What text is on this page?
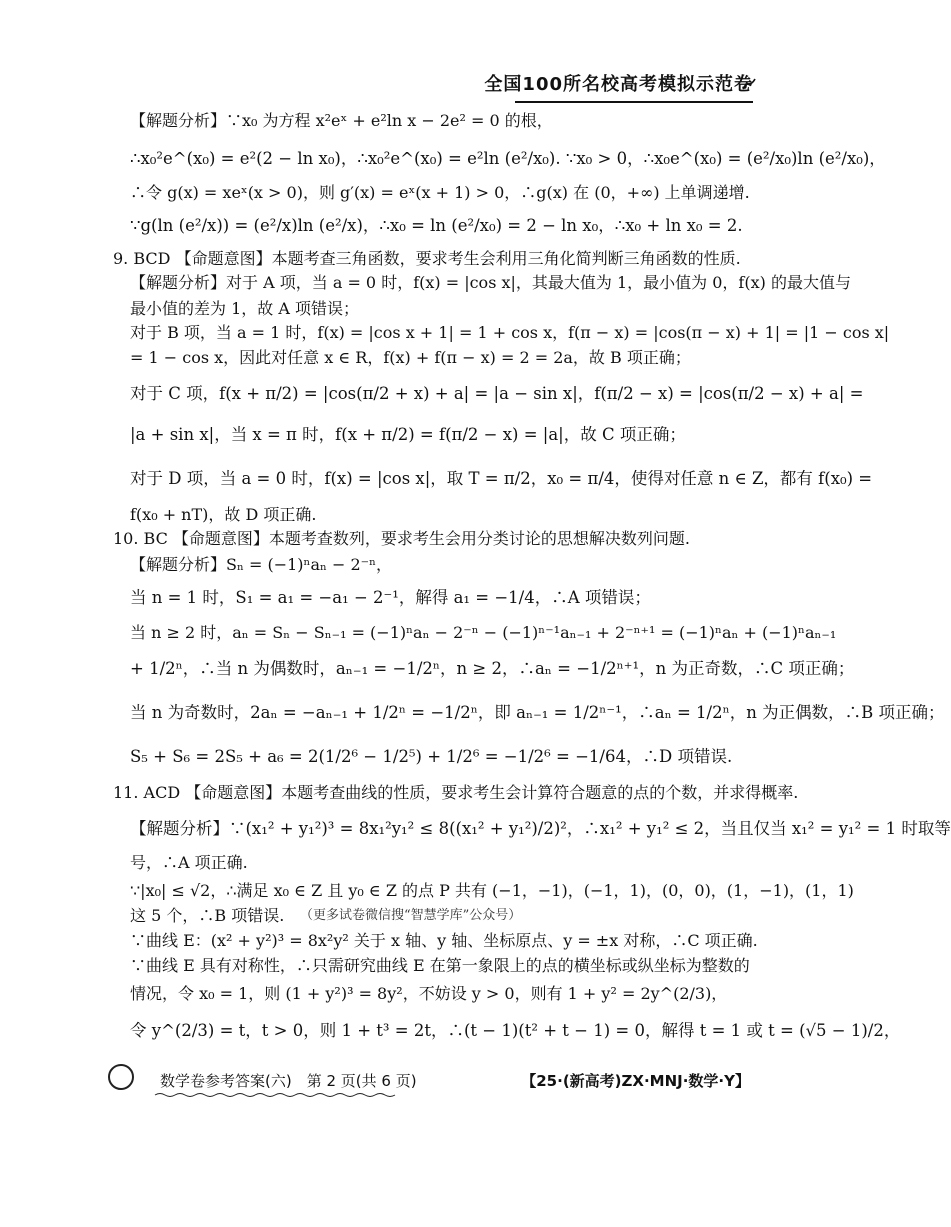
全国100所名校高考模拟示范卷
【解题分析】∵x₀ 为方程 x²eˣ + e²ln x − 2e² = 0 的根，
∴x₀²e^(x₀) = e²(2 − ln x₀)，∴x₀²e^(x₀) = e²ln (e²/x₀). ∵x₀ > 0，∴x₀e^(x₀) = (e²/x₀)ln (e²/x₀)，
∴令 g(x) = xeˣ(x > 0)，则 g′(x) = eˣ(x + 1) > 0，∴g(x) 在 (0，+∞) 上单调递增.
∵g(ln (e²/x)) = (e²/x)ln (e²/x)，∴x₀ = ln (e²/x₀) = 2 − ln x₀，∴x₀ + ln x₀ = 2.
9. BCD 【命题意图】本题考查三角函数，要求考生会利用三角化简判断三角函数的性质.
【解题分析】对于 A 项，当 a = 0 时，f(x) = |cos x|，其最大值为 1，最小值为 0，f(x) 的最大值与
最小值的差为 1，故 A 项错误；
对于 B 项，当 a = 1 时，f(x) = |cos x + 1| = 1 + cos x，f(π − x) = |cos(π − x) + 1| = |1 − cos x|
= 1 − cos x，因此对任意 x ∈ R，f(x) + f(π − x) = 2 = 2a，故 B 项正确；
对于 C 项，f(x + π/2) = |cos(π/2 + x) + a| = |a − sin x|，f(π/2 − x) = |cos(π/2 − x) + a| =
|a + sin x|，当 x = π 时，f(x + π/2) = f(π/2 − x) = |a|，故 C 项正确；
对于 D 项，当 a = 0 时，f(x) = |cos x|，取 T = π/2，x₀ = π/4，使得对任意 n ∈ Z，都有 f(x₀) =
f(x₀ + nT)，故 D 项正确.
10. BC 【命题意图】本题考查数列，要求考生会用分类讨论的思想解决数列问题.
【解题分析】Sₙ = (−1)ⁿaₙ − 2⁻ⁿ，
当 n = 1 时，S₁ = a₁ = −a₁ − 2⁻¹，解得 a₁ = −1/4，∴A 项错误；
当 n ≥ 2 时，aₙ = Sₙ − Sₙ₋₁ = (−1)ⁿaₙ − 2⁻ⁿ − (−1)ⁿ⁻¹aₙ₋₁ + 2⁻ⁿ⁺¹ = (−1)ⁿaₙ + (−1)ⁿaₙ₋₁
+ 1/2ⁿ，∴当 n 为偶数时，aₙ₋₁ = −1/2ⁿ，n ≥ 2，∴aₙ = −1/2ⁿ⁺¹，n 为正奇数，∴C 项正确；
当 n 为奇数时，2aₙ = −aₙ₋₁ + 1/2ⁿ = −1/2ⁿ，即 aₙ₋₁ = 1/2ⁿ⁻¹，∴aₙ = 1/2ⁿ，n 为正偶数，∴B 项正确；
S₅ + S₆ = 2S₅ + a₆ = 2(1/2⁶ − 1/2⁵) + 1/2⁶ = −1/2⁶ = −1/64，∴D 项错误.
11. ACD 【命题意图】本题考查曲线的性质，要求考生会计算符合题意的点的个数，并求得概率.
【解题分析】∵(x₁² + y₁²)³ = 8x₁²y₁² ≤ 8((x₁² + y₁²)/2)²，∴x₁² + y₁² ≤ 2，当且仅当 x₁² = y₁² = 1 时取等
号，∴A 项正确.
∵|x₀| ≤ √2，∴满足 x₀ ∈ Z 且 y₀ ∈ Z 的点 P 共有 (−1，−1)，(−1，1)，(0，0)，(1，−1)，(1，1)
这 5 个，∴B 项错误. （更多试卷微信搜“智慧学库”公众号）
∵曲线 E：(x² + y²)³ = 8x²y² 关于 x 轴、y 轴、坐标原点、y = ±x 对称，∴C 项正确.
∵曲线 E 具有对称性，∴只需研究曲线 E 在第一象限上的点的横坐标或纵坐标为整数的
情况，令 x₀ = 1，则 (1 + y²)³ = 8y²，不妨设 y > 0，则有 1 + y² = 2y^(2/3)，
令 y^(2/3) = t，t > 0，则 1 + t³ = 2t，∴(t − 1)(t² + t − 1) = 0，解得 t = 1 或 t = (√5 − 1)/2，
数学卷参考答案(六)　第 2 页(共 6 页)	【25·(新高考)ZX·MNJ·数学·Y】
